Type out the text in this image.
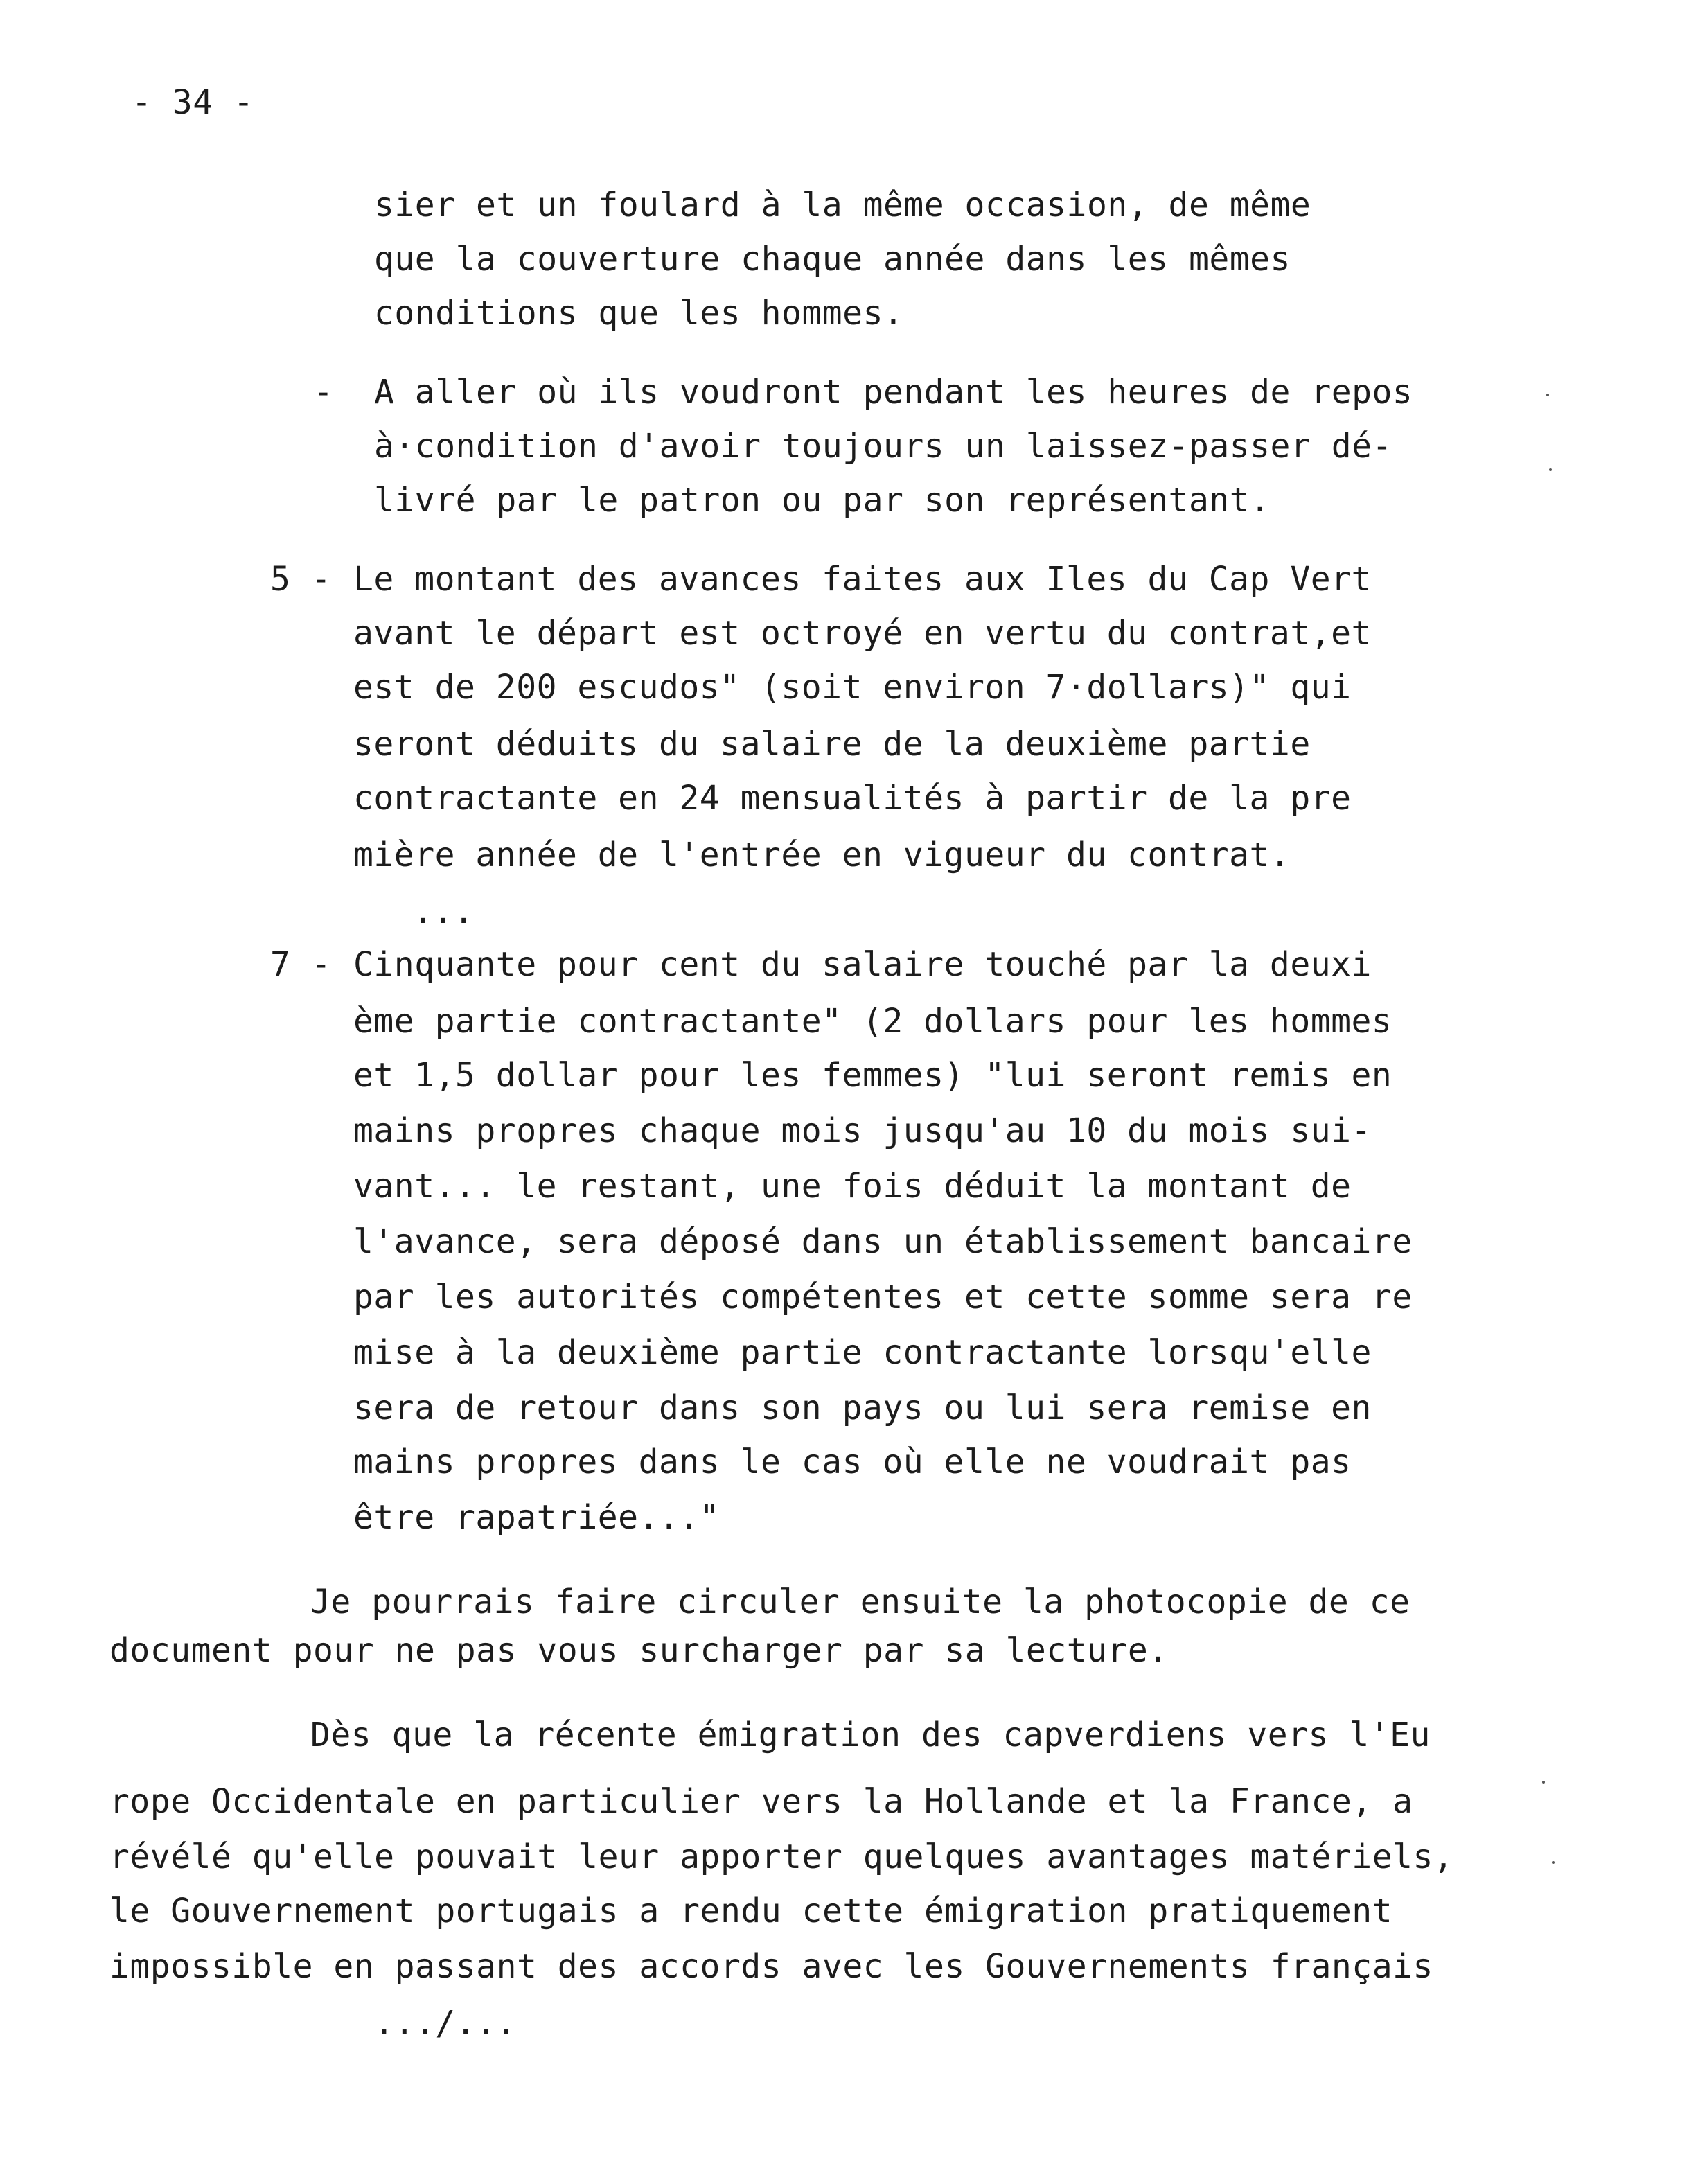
- 34 -
sier et un foulard à la même occasion, de même
que la couverture chaque année dans les mêmes
conditions que les hommes.
- A aller où ils voudront pendant les heures de repos
à·condition d'avoir toujours un laissez-passer dé-
livré par le patron ou par son représentant.
5 - Le montant des avances faites aux Iles du Cap Vert
avant le départ est octroyé en vertu du contrat,et
est de 200 escudos" (soit environ 7·dollars)" qui
seront déduits du salaire de la deuxième partie
contractante en 24 mensualités à partir de la pre
mière année de l'entrée en vigueur du contrat.
...
7 - Cinquante pour cent du salaire touché par la deuxi
ème partie contractante" (2 dollars pour les hommes
et 1,5 dollar pour les femmes) "lui seront remis en
mains propres chaque mois jusqu'au 10 du mois sui-
vant... le restant, une fois déduit la montant de
l'avance, sera déposé dans un établissement bancaire
par les autorités compétentes et cette somme sera re
mise à la deuxième partie contractante lorsqu'elle
sera de retour dans son pays ou lui sera remise en
mains propres dans le cas où elle ne voudrait pas
être rapatriée..."
Je pourrais faire circuler ensuite la photocopie de ce
document pour ne pas vous surcharger par sa lecture.
Dès que la récente émigration des capverdiens vers l'Eu
rope Occidentale en particulier vers la Hollande et la France, a
révélé qu'elle pouvait leur apporter quelques avantages matériels,
le Gouvernement portugais a rendu cette émigration pratiquement
impossible en passant des accords avec les Gouvernements français
.../...
